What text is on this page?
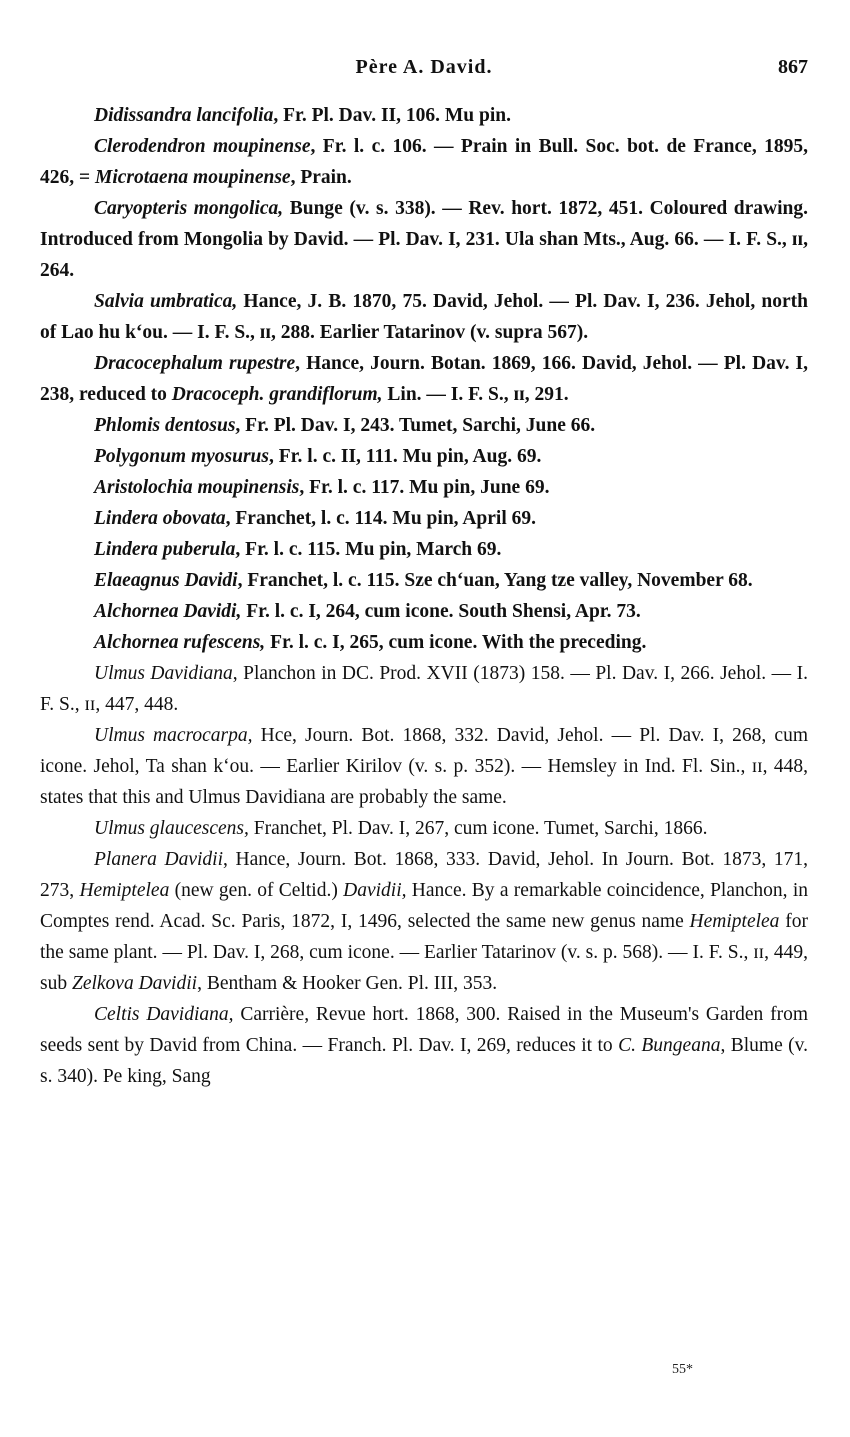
Père A. David.	867

Didissandra lancifolia, Fr. Pl. Dav. II, 106. Mu pin.

Clerodendron moupinense, Fr. l. c. 106. — Prain in Bull. Soc. bot. de France, 1895, 426, = Microtaena moupinense, Prain.

Caryopteris mongolica, Bunge (v. s. 338). — Rev. hort. 1872, 451. Coloured drawing. Introduced from Mongolia by David. — Pl. Dav. I, 231. Ula shan Mts., Aug. 66. — I. F. S., ɪɪ, 264.

Salvia umbratica, Hance, J. B. 1870, 75. David, Jehol. — Pl. Dav. I, 236. Jehol, north of Lao hu kʻou. — I. F. S., ɪɪ, 288. Earlier Tatarinov (v. supra 567).

Dracocephalum rupestre, Hance, Journ. Botan. 1869, 166. David, Jehol. — Pl. Dav. I, 238, reduced to Dracoceph. grandiflorum, Lin. — I. F. S., ɪɪ, 291.

Phlomis dentosus, Fr. Pl. Dav. I, 243. Tumet, Sarchi, June 66.

Polygonum myosurus, Fr. l. c. II, 111. Mu pin, Aug. 69.

Aristolochia moupinensis, Fr. l. c. 117. Mu pin, June 69.

Lindera obovata, Franchet, l. c. 114. Mu pin, April 69.

Lindera puberula, Fr. l. c. 115. Mu pin, March 69.

Elaeagnus Davidi, Franchet, l. c. 115. Sze chʻuan, Yang tze valley, November 68.

Alchornea Davidi, Fr. l. c. I, 264, cum icone. South Shensi, Apr. 73.

Alchornea rufescens, Fr. l. c. I, 265, cum icone. With the preceding.

Ulmus Davidiana, Planchon in DC. Prod. XVII (1873) 158. — Pl. Dav. I, 266. Jehol. — I. F. S., ɪɪ, 447, 448.

Ulmus macrocarpa, Hce, Journ. Bot. 1868, 332. David, Jehol. — Pl. Dav. I, 268, cum icone. Jehol, Ta shan kʻou. — Earlier Kirilov (v. s. p. 352). — Hemsley in Ind. Fl. Sin., ɪɪ, 448, states that this and Ulmus Davidiana are probably the same.

Ulmus glaucescens, Franchet, Pl. Dav. I, 267, cum icone. Tumet, Sarchi, 1866.

Planera Davidii, Hance, Journ. Bot. 1868, 333. David, Jehol. In Journ. Bot. 1873, 171, 273, Hemiptelea (new gen. of Celtid.) Davidii, Hance. By a remarkable coincidence, Planchon, in Comptes rend. Acad. Sc. Paris, 1872, I, 1496, selected the same new genus name Hemiptelea for the same plant. — Pl. Dav. I, 268, cum icone. — Earlier Tatarinov (v. s. p. 568). — I. F. S., ɪɪ, 449, sub Zelkova Davidii, Bentham & Hooker Gen. Pl. III, 353.

Celtis Davidiana, Carrière, Revue hort. 1868, 300. Raised in the Museum's Garden from seeds sent by David from China. — Franch. Pl. Dav. I, 269, reduces it to C. Bungeana, Blume (v. s. 340). Pe king, Sang

55*
